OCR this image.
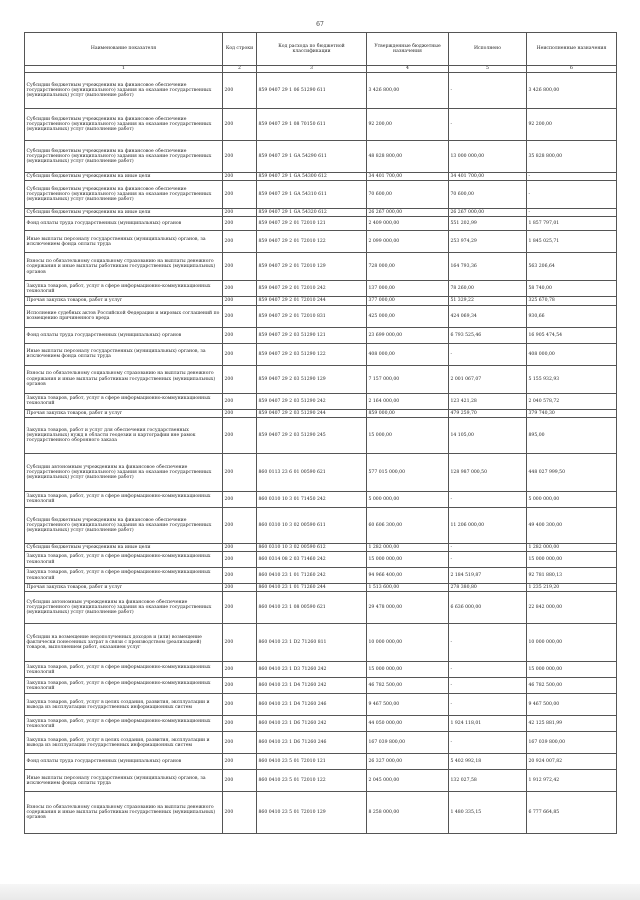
67
Наименование показателя	Код строки	Код расхода по бюджетной классификации	Утвержденные бюджетные назначения	Исполнено	Неисполненные назначения
1	2	3	4	5	6
Субсидии бюджетным учреждениям на финансовое обеспечение государственного (муниципального) задания на оказание государственных (муниципальных) услуг (выполнение работ)	200	859 0407 29 1 06 51290 611	3 426 800,00	-	3 426 800,00
Субсидии бюджетным учреждениям на финансовое обеспечение государственного (муниципального) задания на оказание государственных (муниципальных) услуг (выполнение работ)	200	859 0407 29 1 08 70150 611	92 200,00	-	92 200,00
Субсидии бюджетным учреждениям на финансовое обеспечение государственного (муниципального) задания на оказание государственных (муниципальных) услуг (выполнение работ)	200	859 0407 29 1 GA 54290 611	48 828 800,00	13 000 000,00	35 828 800,00
Субсидии бюджетным учреждениям на иные цели	200	859 0407 29 1 GA 54300 612	34 401 700,00	34 401 700,00	-
Субсидии бюджетным учреждениям на финансовое обеспечение государственного (муниципального) задания на оказание государственных (муниципальных) услуг (выполнение работ)	200	859 0407 29 1 GA 54310 611	70 600,00	70 600,00	-
Субсидии бюджетным учреждениям на иные цели	200	859 0407 29 1 GA 54320 612	26 267 000,00	26 267 000,00	-
Фонд оплаты труда государственных (муниципальных) органов	200	859 0407 29 2 01 72010 121	2 409 000,00	551 202,99	1 857 797,01
Иные выплаты персоналу государственных (муниципальных) органов, за исключением фонда оплаты труда	200	859 0407 29 2 01 72010 122	2 099 000,00	253 974,29	1 845 025,71
Взносы по обязательному социальному страхованию на выплаты денежного содержания и иные выплаты работникам государственных (муниципальных) органов	200	859 0407 29 2 01 72010 129	728 000,00	164 793,36	563 206,64
Закупка товаров, работ, услуг в сфере информационно-коммуникационных технологий	200	859 0407 29 2 01 72010 242	137 000,00	78 260,00	58 740,00
Прочая закупка товаров, работ и услуг	200	859 0407 29 2 01 72010 244	377 000,00	51 329,22	325 670,78
Исполнение судебных актов Российской Федерации и мировых соглашений по возмещению причиненного вреда	200	859 0407 29 2 01 72010 831	425 000,00	424 069,34	930,66
Фонд оплаты труда государственных (муниципальных) органов	200	859 0407 29 2 03 51290 121	23 699 000,00	6 793 525,46	16 905 474,54
Иные выплаты персоналу государственных (муниципальных) органов, за исключением фонда оплаты труда	200	859 0407 29 2 03 51290 122	408 000,00	-	408 000,00
Взносы по обязательному социальному страхованию на выплаты денежного содержания и иные выплаты работникам государственных (муниципальных) органов	200	859 0407 29 2 03 51290 129	7 157 000,00	2 001 067,07	5 155 932,93
Закупка товаров, работ, услуг в сфере информационно-коммуникационных технологий	200	859 0407 29 2 03 51290 242	2 164 000,00	123 421,28	2 040 578,72
Прочая закупка товаров, работ и услуг	200	859 0407 29 2 03 51290 244	859 000,00	479 259,70	379 740,30
Закупка товаров, работ и услуг для обеспечения государственных (муниципальных) нужд в области геодезии и картографии вне рамок государственного оборонного заказа	200	859 0407 29 2 03 51290 245	15 000,00	14 105,00	895,00
Субсидии автономным учреждениям на финансовое обеспечение государственного (муниципального) задания на оказание государственных (муниципальных) услуг (выполнение работ)	200	860 0113 23 6 01 00590 621	577 015 000,00	128 987 000,50	448 027 999,50
Закупка товаров, работ, услуг в сфере информационно-коммуникационных технологий	200	860 0310 10 3 01 71450 242	5 000 000,00	-	5 000 000,00
Субсидии бюджетным учреждениям на финансовое обеспечение государственного (муниципального) задания на оказание государственных (муниципальных) услуг (выполнение работ)	200	860 0310 10 3 02 00590 611	60 606 300,00	11 206 000,00	49 400 300,00
Субсидии бюджетным учреждениям на иные цели	200	860 0310 10 3 02 00590 612	1 282 000,00	-	1 282 000,00
Закупка товаров, работ, услуг в сфере информационно-коммуникационных технологий	200	860 0314 08 2 03 71460 242	15 000 000,00	-	15 000 000,00
Закупка товаров, работ, услуг в сфере информационно-коммуникационных технологий	200	860 0410 23 1 01 71260 242	94 966 400,00	2 184 519,87	92 781 880,13
Прочая закупка товаров, работ и услуг	200	860 0410 23 1 01 71260 244	1 513 600,00	278 380,80	1 235 219,20
Субсидии автономным учреждениям на финансовое обеспечение государственного (муниципального) задания на оказание государственных (муниципальных) услуг (выполнение работ)	200	860 0410 23 1 08 00590 621	29 478 000,00	6 636 000,00	22 842 000,00
Субсидии на возмещение недополученных доходов и (или) возмещение фактически понесенных затрат в связи с производством (реализацией) товаров, выполнением работ, оказанием услуг	200	860 0410 23 1 D2 71260 811	10 000 000,00	-	10 000 000,00
Закупка товаров, работ, услуг в сфере информационно-коммуникационных технологий	200	860 0410 23 1 D3 71260 242	15 000 000,00	-	15 000 000,00
Закупка товаров, работ, услуг в сфере информационно-коммуникационных технологий	200	860 0410 23 1 D4 71260 242	46 782 500,00	-	46 782 500,00
Закупка товаров, работ, услуг в целях создания, развития, эксплуатации и вывода из эксплуатации государственных информационных систем	200	860 0410 23 1 D4 71260 246	9 467 500,00	-	9 467 500,00
Закупка товаров, работ, услуг в сфере информационно-коммуникационных технологий	200	860 0410 23 1 D6 71260 242	44 050 000,00	1 924 118,01	42 125 881,99
Закупка товаров, работ, услуг в целях создания, развития, эксплуатации и вывода из эксплуатации государственных информационных систем	200	860 0410 23 1 D6 71260 246	167 039 800,00	-	167 039 800,00
Фонд оплаты труда государственных (муниципальных) органов	200	860 0410 23 5 01 72010 121	26 327 000,00	5 402 992,18	20 924 007,82
Иные выплаты персоналу государственных (муниципальных) органов, за исключением фонда оплаты труда	200	860 0410 23 5 01 72010 122	2 045 000,00	132 027,58	1 912 972,42
Взносы по обязательному социальному страхованию на выплаты денежного содержания и иные выплаты работникам государственных (муниципальных) органов	200	860 0410 23 5 01 72010 129	8 258 000,00	1 480 335,15	6 777 664,85
